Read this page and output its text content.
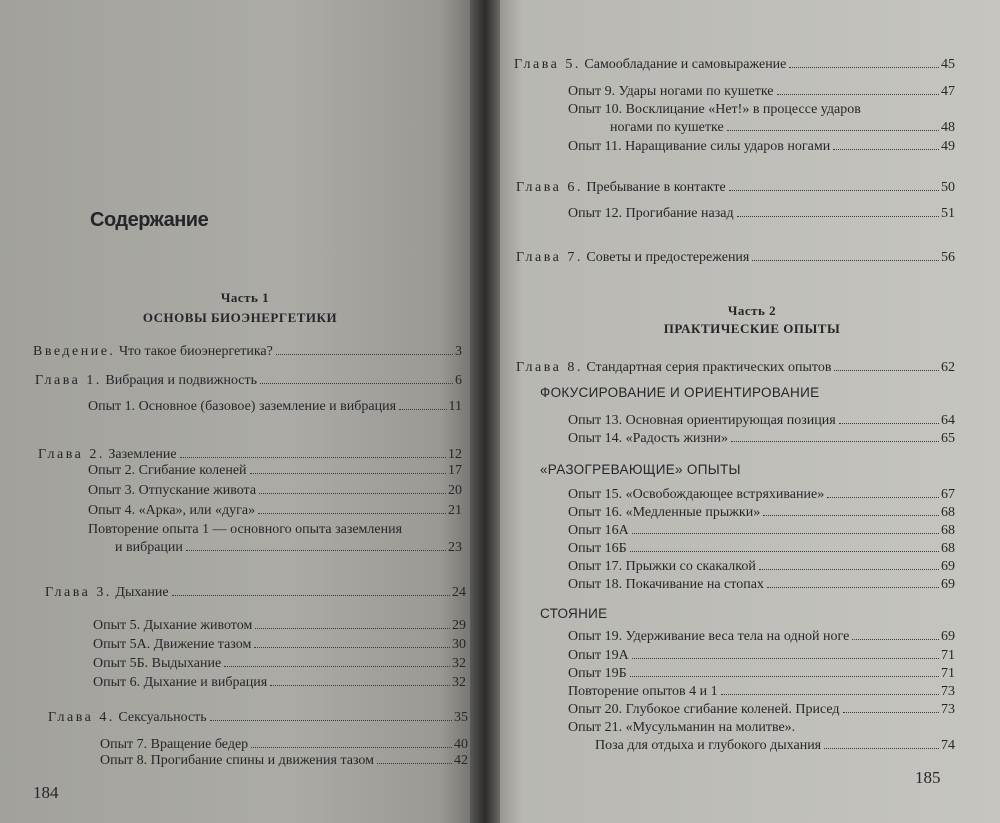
Содержание
Часть 1
ОСНОВЫ БИОЭНЕРГЕТИКИ
184
Введение. Что такое биоэнергетика?	3
Глава 1. Вибрация и подвижность	6
Опыт 1. Основное (базовое) заземление и вибрация	11
Глава 2. Заземление	12
Опыт 2. Сгибание коленей	17
Опыт 3. Отпускание живота	20
Опыт 4. «Арка», или «дуга»	21
Повторение опыта 1 — основного опыта заземления
и вибрации	23
Глава 3. Дыхание	24
Опыт 5. Дыхание животом	29
Опыт 5А. Движение тазом	30
Опыт 5Б. Выдыхание	32
Опыт 6. Дыхание и вибрация	32
Глава 4. Сексуальность	35
Опыт 7. Вращение бедер	40
Опыт 8. Прогибание спины и движения тазом	42
Часть 2
ПРАКТИЧЕСКИЕ ОПЫТЫ
ФОКУСИРОВАНИЕ И ОРИЕНТИРОВАНИЕ
«РАЗОГРЕВАЮЩИЕ» ОПЫТЫ
СТОЯНИЕ
185
Глава 5. Самообладание и самовыражение	45
Опыт 9. Удары ногами по кушетке	47
Опыт 10. Восклицание «Нет!» в процессе ударов
ногами по кушетке	48
Опыт 11. Наращивание силы ударов ногами	49
Глава 6. Пребывание в контакте	50
Опыт 12. Прогибание назад	51
Глава 7. Советы и предостережения	56
Глава 8. Стандартная серия практических опытов	62
Опыт 13. Основная ориентирующая позиция	64
Опыт 14. «Радость жизни»	65
Опыт 15. «Освобождающее встряхивание»	67
Опыт 16. «Медленные прыжки»	68
Опыт 16А	68
Опыт 16Б	68
Опыт 17. Прыжки со скакалкой	69
Опыт 18. Покачивание на стопах	69
Опыт 19. Удерживание веса тела на одной ноге	69
Опыт 19А	71
Опыт 19Б	71
Повторение опытов 4 и 1	73
Опыт 20. Глубокое сгибание коленей. Присед	73
Опыт 21. «Мусульманин на молитве».
Поза для отдыха и глубокого дыхания	74
